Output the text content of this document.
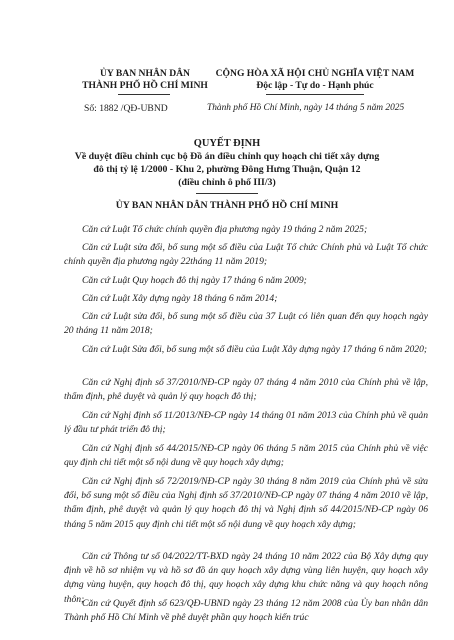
ỦY BAN NHÂN DÂN
THÀNH PHỐ HỒ CHÍ MINH
Số: 1882 /QĐ-UBND
CỘNG HÒA XÃ HỘI CHỦ NGHĨA VIỆT NAM
Độc lập - Tự do - Hạnh phúc
Thành phố Hồ Chí Minh, ngày 14 tháng 5 năm 2025
QUYẾT ĐỊNH
Về duyệt điều chỉnh cục bộ Đồ án điều chỉnh quy hoạch chi tiết xây dựng
đô thị tỷ lệ 1/2000 - Khu 2, phường Đông Hưng Thuận, Quận 12
(điều chỉnh ô phố III/3)
ỦY BAN NHÂN DÂN THÀNH PHỐ HỒ CHÍ MINH
Căn cứ Luật Tổ chức chính quyền địa phương ngày 19 tháng 2 năm 2025;
Căn cứ Luật sửa đổi, bổ sung một số điều của Luật Tổ chức Chính phủ và Luật Tổ chức chính quyền địa phương ngày 22tháng 11 năm 2019;
Căn cứ Luật Quy hoạch đô thị ngày 17 tháng 6 năm 2009;
Căn cứ Luật Xây dựng ngày 18 tháng 6 năm 2014;
Căn cứ Luật sửa đổi, bổ sung một số điều của 37 Luật có liên quan đến quy hoạch ngày 20 tháng 11 năm 2018;
Căn cứ Luật Sửa đổi, bổ sung một số điều của Luật Xây dựng ngày 17 tháng 6 năm 2020;
Căn cứ Nghị định số 37/2010/NĐ-CP ngày 07 tháng 4 năm 2010 của Chính phủ về lập, thẩm định, phê duyệt và quản lý quy hoạch đô thị;
Căn cứ Nghị định số 11/2013/NĐ-CP ngày 14 tháng 01 năm 2013 của Chính phủ về quản lý đầu tư phát triển đô thị;
Căn cứ Nghị định số 44/2015/NĐ-CP ngày 06 tháng 5 năm 2015 của Chính phủ về việc quy định chi tiết một số nội dung về quy hoạch xây dựng;
Căn cứ Nghị định số 72/2019/NĐ-CP ngày 30 tháng 8 năm 2019 của Chính phủ về sửa đổi, bổ sung một số điều của Nghị định số 37/2010/NĐ-CP ngày 07 tháng 4 năm 2010 về lập, thẩm định, phê duyệt và quản lý quy hoạch đô thị và Nghị định số 44/2015/NĐ-CP ngày 06 tháng 5 năm 2015 quy định chi tiết một số nội dung về quy hoạch xây dựng;
Căn cứ Thông tư số 04/2022/TT-BXD ngày 24 tháng 10 năm 2022 của Bộ Xây dựng quy định về hồ sơ nhiệm vụ và hồ sơ đồ án quy hoạch xây dựng vùng liên huyện, quy hoạch xây dựng vùng huyện, quy hoạch đô thị, quy hoạch xây dựng khu chức năng và quy hoạch nông thôn;
Căn cứ Quyết định số 623/QĐ-UBND ngày 23 tháng 12 năm 2008 của Ủy ban nhân dân Thành phố Hồ Chí Minh về phê duyệt phần quy hoạch kiến trúc
